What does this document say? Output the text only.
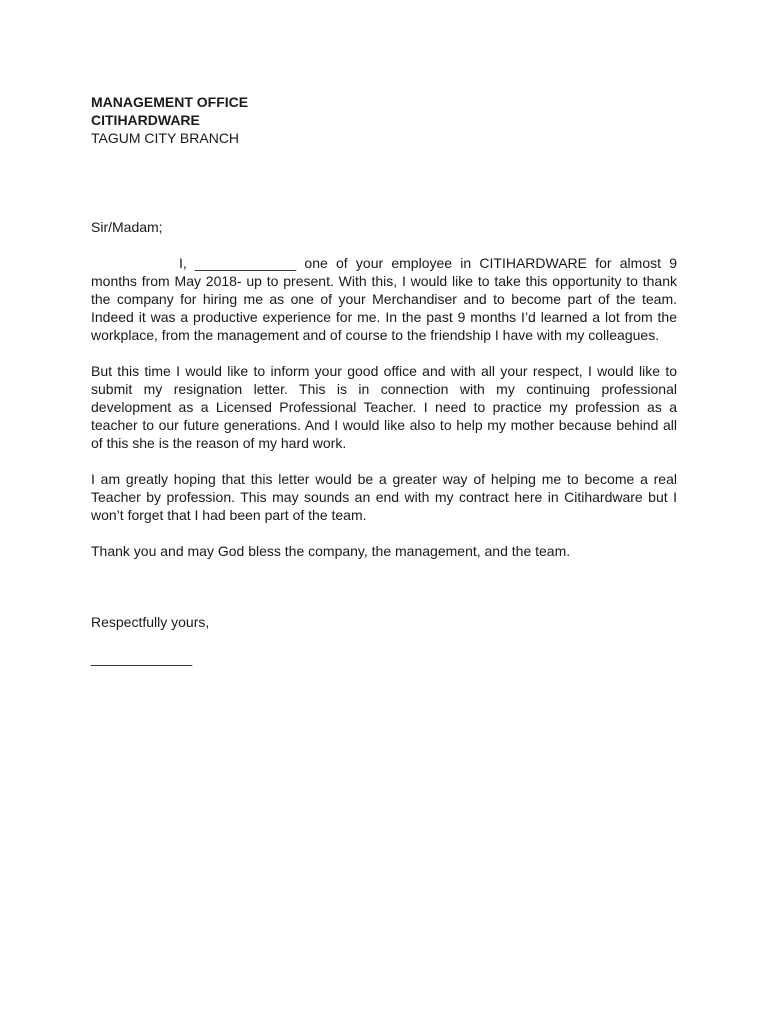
MANAGEMENT OFFICE
CITIHARDWARE
TAGUM CITY BRANCH
Sir/Madam;

I, _____________ one of your employee in CITIHARDWARE for almost 9 months from May 2018- up to present. With this, I would like to take this opportunity to thank the company for hiring me as one of your Merchandiser and to become part of the team. Indeed it was a productive experience for me. In the past 9 months I’d learned a lot from the workplace, from the management and of course to the friendship I have with my colleagues.

But this time I would like to inform your good office and with all your respect, I would like to submit my resignation letter. This is in connection with my continuing professional development as a Licensed Professional Teacher. I need to practice my profession as a teacher to our future generations. And I would like also to help my mother because behind all of this she is the reason of my hard work.

I am greatly hoping that this letter would be a greater way of helping me to become a real Teacher by profession. This may sounds an end with my contract here in Citihardware but I won’t forget that I had been part of the team.

Thank you and may God bless the company, the management, and the team.

Respectfully yours,
_____________
